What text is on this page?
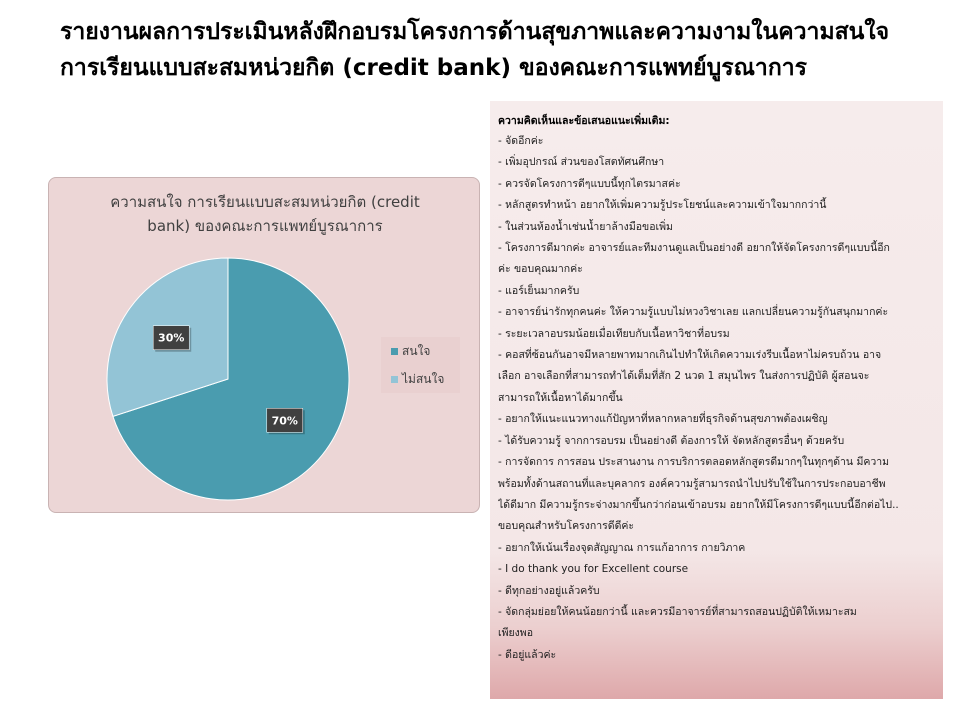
รายงานผลการประเมินหลังฝึกอบรมโครงการด้านสุขภาพและความงามในความสนใจ
การเรียนแบบสะสมหน่วยกิต (credit bank) ของคณะการแพทย์บูรณาการ
ความสนใจ การเรียนแบบสะสมหน่วยกิต (credit
bank) ของคณะการแพทย์บูรณาการ
70%
30%
สนใจ
ไม่สนใจ
ความคิดเห็นและข้อเสนอแนะเพิ่มเติม:
- จัดอีกค่ะ
- เพิ่มอุปกรณ์ ส่วนของโสตทัศนศึกษา
- ควรจัดโครงการดีๆแบบนี้ทุกไตรมาสค่ะ
- หลักสูตรทำหน้า อยากให้เพิ่มความรู้ประโยชน์และความเข้าใจมากกว่านี้
- ในส่วนห้องน้ำเช่นน้ำยาล้างมือขอเพิ่ม
- โครงการดีมากค่ะ อาจารย์และทีมงานดูแลเป็นอย่างดี อยากให้จัดโครงการดีๆแบบนี้อีก
ค่ะ ขอบคุณมากค่ะ
- แอร์เย็นมากครับ
- อาจารย์น่ารักทุกคนค่ะ ให้ความรู้แบบไม่หวงวิชาเลย แลกเปลี่ยนความรู้กันสนุกมากค่ะ
- ระยะเวลาอบรมน้อยเมื่อเทียบกับเนื้อหาวิชาที่อบรม
- คอสที่ซ้อนกันอาจมีหลายพาทมากเกินไปทำให้เกิดความเร่งรีบเนื้อหาไม่ครบถ้วน อาจ
เลือก อาจเลือกที่สามารถทำได้เต็มที่สัก 2 นวด 1 สมุนไพร ในส่งการปฏิบัติ ผู้สอนจะ
สามารถให้เนื้อหาได้มากขึ้น
- อยากให้แนะแนวทางแก้ปัญหาที่หลากหลายที่ธุรกิจด้านสุขภาพต้องเผชิญ
- ได้รับความรู้ จากการอบรม เป็นอย่างดี ต้องการให้ จัดหลักสูตรอื่นๆ ด้วยครับ
- การจัดการ การสอน ประสานงาน การบริการตลอดหลักสูตรดีมากๆในทุกๆด้าน มีความ
พร้อมทั้งด้านสถานที่และบุคลากร องค์ความรู้สามารถนำไปปรับใช้ในการประกอบอาชีพ
ได้ดีมาก มีความรู้กระจ่างมากขึ้นกว่าก่อนเข้าอบรม อยากให้มีโครงการดีๆแบบนี้อีกต่อไป..
ขอบคุณสำหรับโครงการดีดีค่ะ
- อยากให้เน้นเรื่องจุดสัญญาณ การแก้อาการ กายวิภาค
- I do thank you for Excellent course
- ดีทุกอย่างอยู่แล้วครับ
- จัดกลุ่มย่อยให้คนน้อยกว่านี้ และควรมีอาจารย์ที่สามารถสอนปฏิบัติให้เหมาะสม
เพียงพอ
- ดีอยู่แล้วค่ะ
